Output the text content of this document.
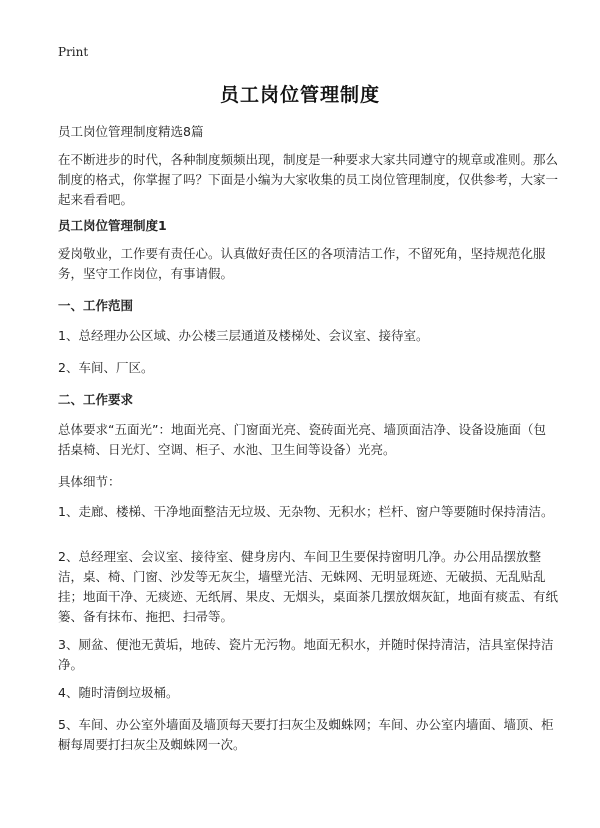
Print
员工岗位管理制度
员工岗位管理制度精选8篇
在不断进步的时代，各种制度频频出现，制度是一种要求大家共同遵守的规章或准则。那么制度的格式，你掌握了吗？下面是小编为大家收集的员工岗位管理制度，仅供参考，大家一起来看看吧。
员工岗位管理制度1
爱岗敬业，工作要有责任心。认真做好责任区的各项清洁工作，不留死角，坚持规范化服务，坚守工作岗位，有事请假。
一、工作范围
1、总经理办公区域、办公楼三层通道及楼梯处、会议室、接待室。
2、车间、厂区。
二、工作要求
总体要求“五面光”：地面光亮、门窗面光亮、瓷砖面光亮、墙顶面洁净、设备设施面（包括桌椅、日光灯、空调、柜子、水池、卫生间等设备）光亮。
具体细节：
1、走廊、楼梯、干净地面整洁无垃圾、无杂物、无积水；栏杆、窗户等要随时保持清洁。
2、总经理室、会议室、接待室、健身房内、车间卫生要保持窗明几净。办公用品摆放整洁，桌、椅、门窗、沙发等无灰尘，墙壁光洁、无蛛网、无明显斑迹、无破损、无乱贴乱挂；地面干净、无痰迹、无纸屑、果皮、无烟头，桌面茶几摆放烟灰缸，地面有痰盂、有纸篓、备有抹布、拖把、扫帚等。
3、厕盆、便池无黄垢，地砖、瓷片无污物。地面无积水，并随时保持清洁，洁具室保持洁净。
4、随时清倒垃圾桶。
5、车间、办公室外墙面及墙顶每天要打扫灰尘及蜘蛛网；车间、办公室内墙面、墙顶、柜橱每周要打扫灰尘及蜘蛛网一次。
